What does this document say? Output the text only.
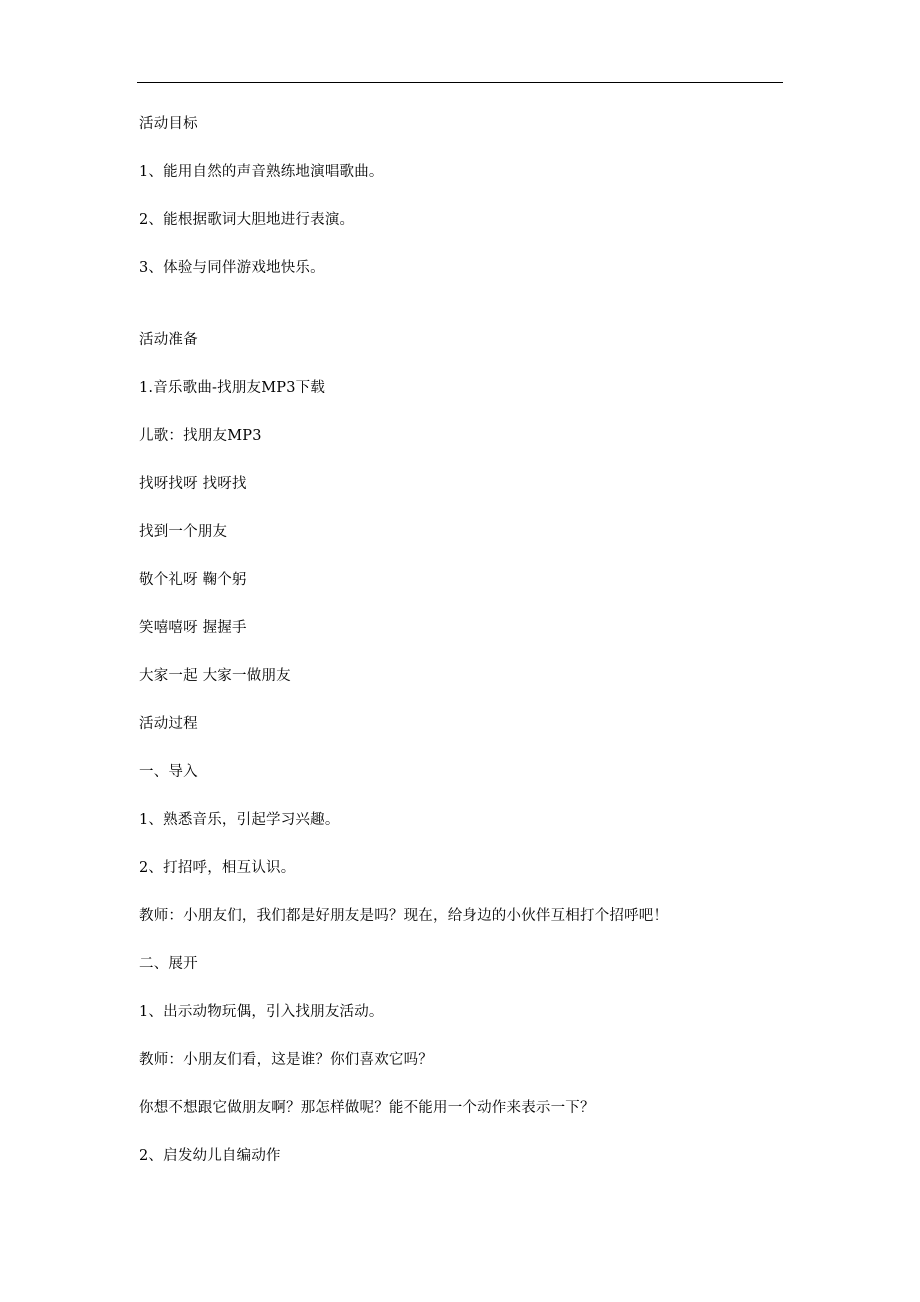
活动目标
1、能用自然的声音熟练地演唱歌曲。
2、能根据歌词大胆地进行表演。
3、体验与同伴游戏地快乐。
活动准备
1.音乐歌曲-找朋友MP3下载
儿歌：找朋友MP3
找呀找呀 找呀找
找到一个朋友
敬个礼呀 鞠个躬
笑嘻嘻呀 握握手
大家一起 大家一做朋友
活动过程
一、导入
1、熟悉音乐，引起学习兴趣。
2、打招呼，相互认识。
教师：小朋友们，我们都是好朋友是吗？现在，给身边的小伙伴互相打个招呼吧！
二、展开
1、出示动物玩偶，引入找朋友活动。
教师：小朋友们看，这是谁？你们喜欢它吗？
你想不想跟它做朋友啊？那怎样做呢？能不能用一个动作来表示一下？
2、启发幼儿自编动作
